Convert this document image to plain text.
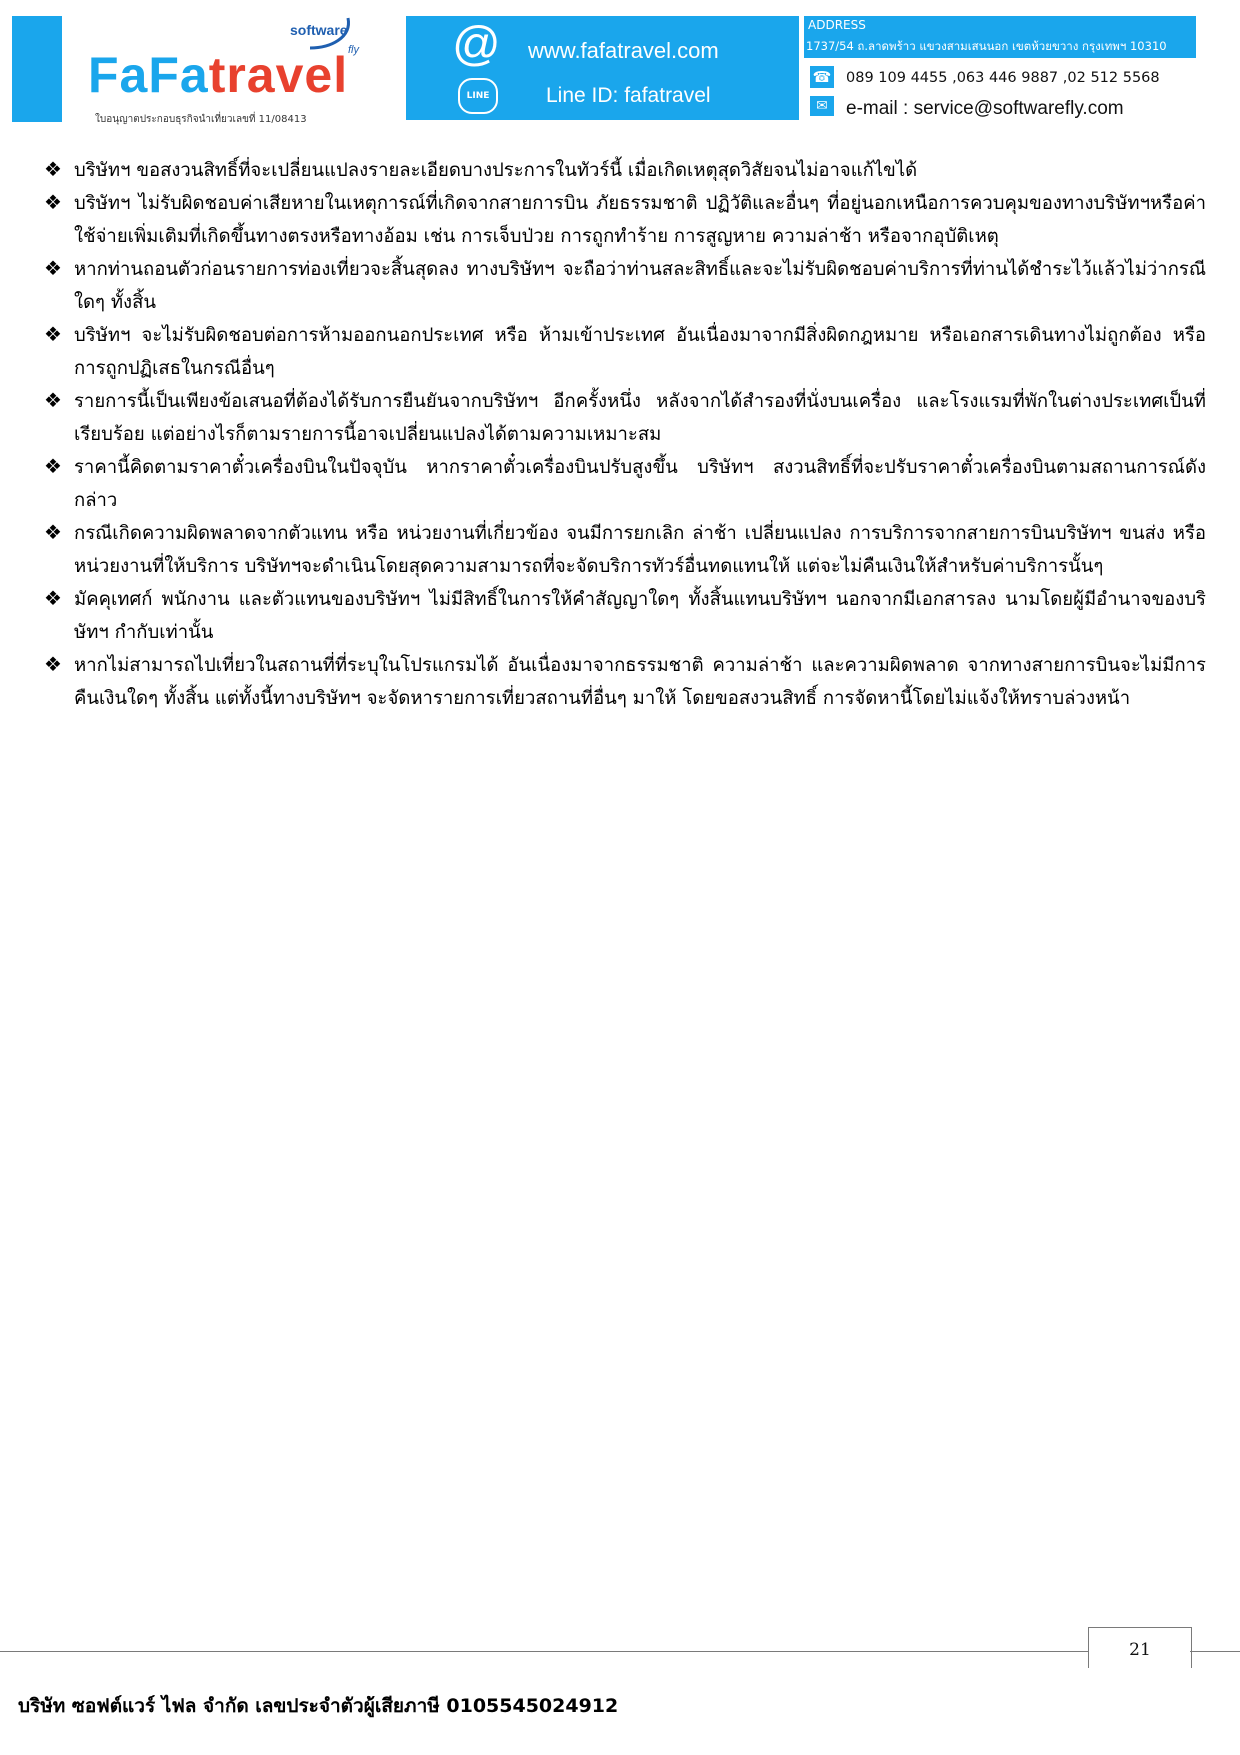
software
fly
FaFatravel
ใบอนุญาตประกอบธุรกิจนำเที่ยวเลขที่ 11/08413
@
LINE
www.fafatravel.com
Line ID: fafatravel
ADDRESS
1737/54 ถ.ลาดพร้าว แขวงสามเสนนอก เขตห้วยขวาง กรุงเทพฯ 10310
☎ 089 109 4455 ,063 446 9887 ,02 512 5568
✉ e-mail : service@softwarefly.com
❖ บริษัทฯ ขอสงวนสิทธิ์ที่จะเปลี่ยนแปลงรายละเอียดบางประการในทัวร์นี้ เมื่อเกิดเหตุสุดวิสัยจนไม่อาจแก้ไขได้
❖ บริษัทฯ ไม่รับผิดชอบค่าเสียหายในเหตุการณ์ที่เกิดจากสายการบิน ภัยธรรมชาติ ปฏิวัติและอื่นๆ ที่อยู่นอกเหนือการควบคุมของทางบริษัทฯหรือค่าใช้จ่ายเพิ่มเติมที่เกิดขึ้นทางตรงหรือทางอ้อม เช่น การเจ็บป่วย การถูกทำร้าย การสูญหาย ความล่าช้า หรือจากอุบัติเหตุ
❖ หากท่านถอนตัวก่อนรายการท่องเที่ยวจะสิ้นสุดลง ทางบริษัทฯ จะถือว่าท่านสละสิทธิ์และจะไม่รับผิดชอบค่าบริการที่ท่านได้ชำระไว้แล้วไม่ว่ากรณีใดๆ ทั้งสิ้น
❖ บริษัทฯ จะไม่รับผิดชอบต่อการห้ามออกนอกประเทศ หรือ ห้ามเข้าประเทศ อันเนื่องมาจากมีสิ่งผิดกฎหมาย หรือเอกสารเดินทางไม่ถูกต้อง หรือ การถูกปฏิเสธในกรณีอื่นๆ
❖ รายการนี้เป็นเพียงข้อเสนอที่ต้องได้รับการยืนยันจากบริษัทฯ อีกครั้งหนึ่ง หลังจากได้สำรองที่นั่งบนเครื่อง และโรงแรมที่พักในต่างประเทศเป็นที่เรียบร้อย แต่อย่างไรก็ตามรายการนี้อาจเปลี่ยนแปลงได้ตามความเหมาะสม
❖ ราคานี้คิดตามราคาตั๋วเครื่องบินในปัจจุบัน หากราคาตั๋วเครื่องบินปรับสูงขึ้น บริษัทฯ สงวนสิทธิ์ที่จะปรับราคาตั๋วเครื่องบินตามสถานการณ์ดังกล่าว
❖ กรณีเกิดความผิดพลาดจากตัวแทน หรือ หน่วยงานที่เกี่ยวข้อง จนมีการยกเลิก ล่าช้า เปลี่ยนแปลง การบริการจากสายการบินบริษัทฯ ขนส่ง หรือ หน่วยงานที่ให้บริการ บริษัทฯจะดำเนินโดยสุดความสามารถที่จะจัดบริการทัวร์อื่นทดแทนให้ แต่จะไม่คืนเงินให้สำหรับค่าบริการนั้นๆ
❖ มัคคุเทศก์ พนักงาน และตัวแทนของบริษัทฯ ไม่มีสิทธิ์ในการให้คำสัญญาใดๆ ทั้งสิ้นแทนบริษัทฯ นอกจากมีเอกสารลง นามโดยผู้มีอำนาจของบริษัทฯ กำกับเท่านั้น
❖ หากไม่สามารถไปเที่ยวในสถานที่ที่ระบุในโปรแกรมได้ อันเนื่องมาจากธรรมชาติ ความล่าช้า และความผิดพลาด จากทางสายการบินจะไม่มีการคืนเงินใดๆ ทั้งสิ้น แต่ทั้งนี้ทางบริษัทฯ จะจัดหารายการเที่ยวสถานที่อื่นๆ มาให้ โดยขอสงวนสิทธิ์ การจัดหานี้โดยไม่แจ้งให้ทราบล่วงหน้า
21
บริษัท ซอฟต์แวร์ ไฟล จำกัด เลขประจำตัวผู้เสียภาษี 0105545024912
